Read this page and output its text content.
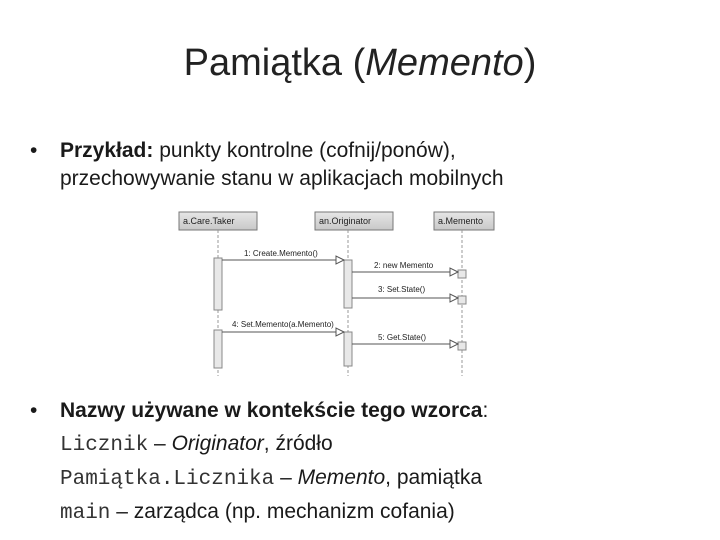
Pamiątka (Memento)
• Przykład: punkty kontrolne (cofnij/ponów),
przechowywanie stanu w aplikacjach mobilnych
a.Care.Taker	an.Originator	a.Memento
1: Create.Memento()
2: new Memento
3: Set.State()
4: Set.Memento(a.Memento)
5: Get.State()
• Nazwy używane w kontekście tego wzorca:
Licznik – Originator, źródło
Pamiątka.Licznika – Memento, pamiątka
main – zarządca (np. mechanizm cofania)
